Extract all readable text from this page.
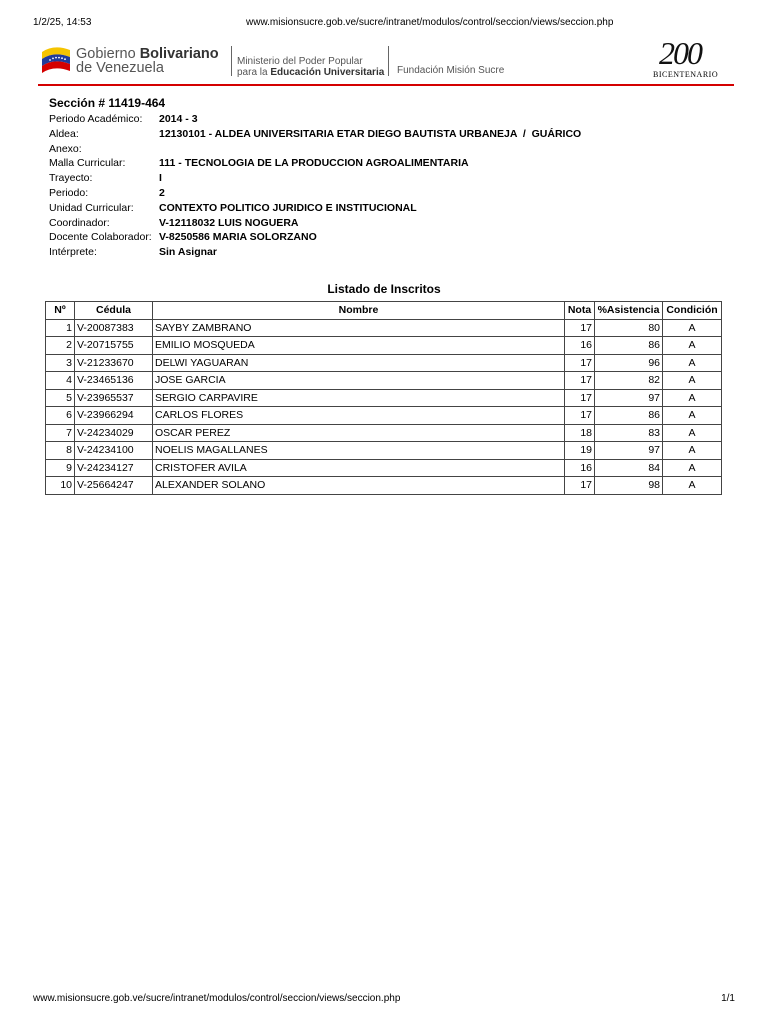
1/2/25, 14:53	www.misionsucre.gob.ve/sucre/intranet/modulos/control/seccion/views/seccion.php
Gobierno Bolivariano
de Venezuela	Ministerio del Poder Popular
para la Educación Universitaria Fundación Misión Sucre	200
BICENTENARIO
Sección # 11419-464
Periodo Académico: 2014 - 3
Aldea:	12130101 - ALDEA UNIVERSITARIA ETAR DIEGO BAUTISTA URBANEJA  /  GUÁRICO
Anexo:
Malla Curricular:	111 - TECNOLOGIA DE LA PRODUCCION AGROALIMENTARIA
Trayecto:	I
Periodo:	2
Unidad Curricular: CONTEXTO POLITICO JURIDICO E INSTITUCIONAL
Coordinador:	V-12118032 LUIS NOGUERA
Docente Colaborador: V-8250586 MARIA SOLORZANO
Intérprete:	Sin Asignar
Listado de Inscritos
Nº	Cédula	Nombre	Nota	%Asistencia	Condición
1	V-20087383	SAYBY ZAMBRANO	17	80	A
2	V-20715755	EMILIO MOSQUEDA	16	86	A
3	V-21233670	DELWI YAGUARAN	17	96	A
4	V-23465136	JOSE GARCIA	17	82	A
5	V-23965537	SERGIO CARPAVIRE	17	97	A
6	V-23966294	CARLOS FLORES	17	86	A
7	V-24234029	OSCAR PEREZ	18	83	A
8	V-24234100	NOELIS MAGALLANES	19	97	A
9	V-24234127	CRISTOFER AVILA	16	84	A
10	V-25664247	ALEXANDER SOLANO	17	98	A
www.misionsucre.gob.ve/sucre/intranet/modulos/control/seccion/views/seccion.php	1/1
